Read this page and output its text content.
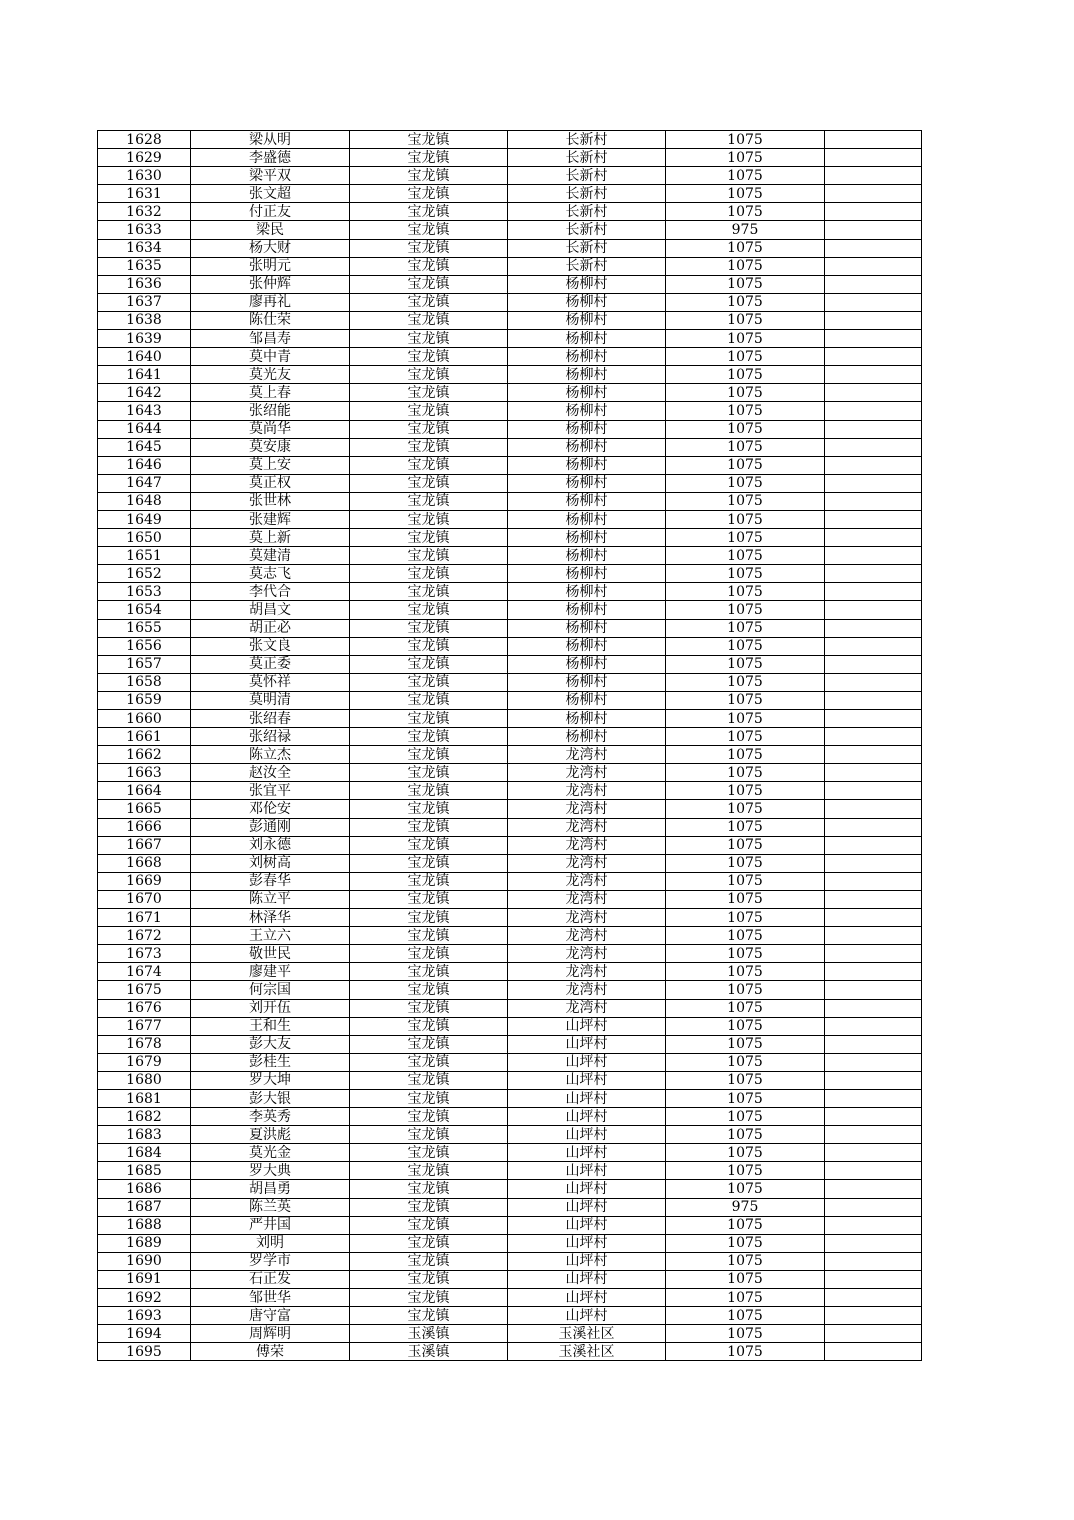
1628	梁从明	宝龙镇	长新村	1075	
1629	李盛德	宝龙镇	长新村	1075	
1630	梁平双	宝龙镇	长新村	1075	
1631	张文超	宝龙镇	长新村	1075	
1632	付正友	宝龙镇	长新村	1075	
1633	梁民	宝龙镇	长新村	975	
1634	杨大财	宝龙镇	长新村	1075	
1635	张明元	宝龙镇	长新村	1075	
1636	张仲辉	宝龙镇	杨柳村	1075	
1637	廖再礼	宝龙镇	杨柳村	1075	
1638	陈仕荣	宝龙镇	杨柳村	1075	
1639	邹昌寿	宝龙镇	杨柳村	1075	
1640	莫中青	宝龙镇	杨柳村	1075	
1641	莫光友	宝龙镇	杨柳村	1075	
1642	莫上春	宝龙镇	杨柳村	1075	
1643	张绍能	宝龙镇	杨柳村	1075	
1644	莫尚华	宝龙镇	杨柳村	1075	
1645	莫安康	宝龙镇	杨柳村	1075	
1646	莫上安	宝龙镇	杨柳村	1075	
1647	莫正权	宝龙镇	杨柳村	1075	
1648	张世林	宝龙镇	杨柳村	1075	
1649	张建辉	宝龙镇	杨柳村	1075	
1650	莫上新	宝龙镇	杨柳村	1075	
1651	莫建清	宝龙镇	杨柳村	1075	
1652	莫志飞	宝龙镇	杨柳村	1075	
1653	李代合	宝龙镇	杨柳村	1075	
1654	胡昌文	宝龙镇	杨柳村	1075	
1655	胡正必	宝龙镇	杨柳村	1075	
1656	张文良	宝龙镇	杨柳村	1075	
1657	莫正委	宝龙镇	杨柳村	1075	
1658	莫怀祥	宝龙镇	杨柳村	1075	
1659	莫明清	宝龙镇	杨柳村	1075	
1660	张绍春	宝龙镇	杨柳村	1075	
1661	张绍禄	宝龙镇	杨柳村	1075	
1662	陈立杰	宝龙镇	龙湾村	1075	
1663	赵汝全	宝龙镇	龙湾村	1075	
1664	张宜平	宝龙镇	龙湾村	1075	
1665	邓伦安	宝龙镇	龙湾村	1075	
1666	彭通刚	宝龙镇	龙湾村	1075	
1667	刘永德	宝龙镇	龙湾村	1075	
1668	刘树高	宝龙镇	龙湾村	1075	
1669	彭春华	宝龙镇	龙湾村	1075	
1670	陈立平	宝龙镇	龙湾村	1075	
1671	林泽华	宝龙镇	龙湾村	1075	
1672	王立六	宝龙镇	龙湾村	1075	
1673	敬世民	宝龙镇	龙湾村	1075	
1674	廖建平	宝龙镇	龙湾村	1075	
1675	何宗国	宝龙镇	龙湾村	1075	
1676	刘开伍	宝龙镇	龙湾村	1075	
1677	王和生	宝龙镇	山坪村	1075	
1678	彭大友	宝龙镇	山坪村	1075	
1679	彭桂生	宝龙镇	山坪村	1075	
1680	罗大坤	宝龙镇	山坪村	1075	
1681	彭大银	宝龙镇	山坪村	1075	
1682	李英秀	宝龙镇	山坪村	1075	
1683	夏洪彪	宝龙镇	山坪村	1075	
1684	莫光金	宝龙镇	山坪村	1075	
1685	罗大典	宝龙镇	山坪村	1075	
1686	胡昌勇	宝龙镇	山坪村	1075	
1687	陈兰英	宝龙镇	山坪村	975	
1688	严井国	宝龙镇	山坪村	1075	
1689	刘明	宝龙镇	山坪村	1075	
1690	罗学市	宝龙镇	山坪村	1075	
1691	石正发	宝龙镇	山坪村	1075	
1692	邹世华	宝龙镇	山坪村	1075	
1693	唐守富	宝龙镇	山坪村	1075	
1694	周辉明	玉溪镇	玉溪社区	1075	
1695	傅荣	玉溪镇	玉溪社区	1075	
